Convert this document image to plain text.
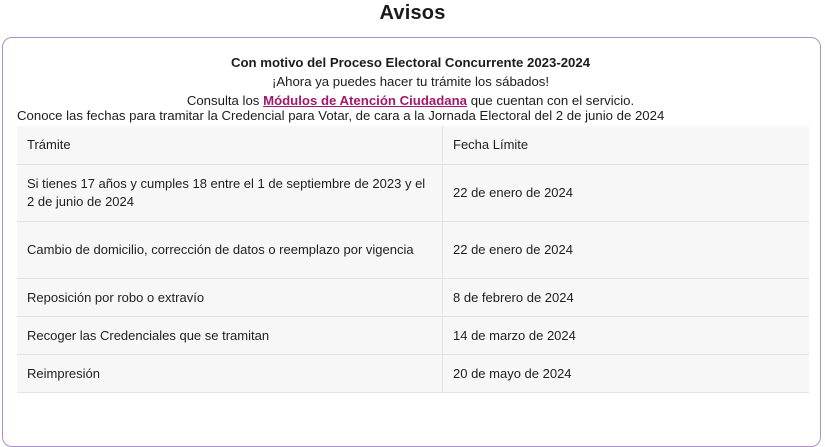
Avisos
Con motivo del Proceso Electoral Concurrente 2023-2024
¡Ahora ya puedes hacer tu trámite los sábados!
Consulta los Módulos de Atención Ciudadana que cuentan con el servicio.
Conoce las fechas para tramitar la Credencial para Votar, de cara a la Jornada Electoral del 2 de junio de 2024
Trámite	Fecha Límite
Si tienes 17 años y cumples 18 entre el 1 de septiembre de 2023 y el 2 de junio de 2024	22 de enero de 2024
Cambio de domicilio, corrección de datos o reemplazo por vigencia	22 de enero de 2024
Reposición por robo o extravío	8 de febrero de 2024
Recoger las Credenciales que se tramitan	14 de marzo de 2024
Reimpresión	20 de mayo de 2024
